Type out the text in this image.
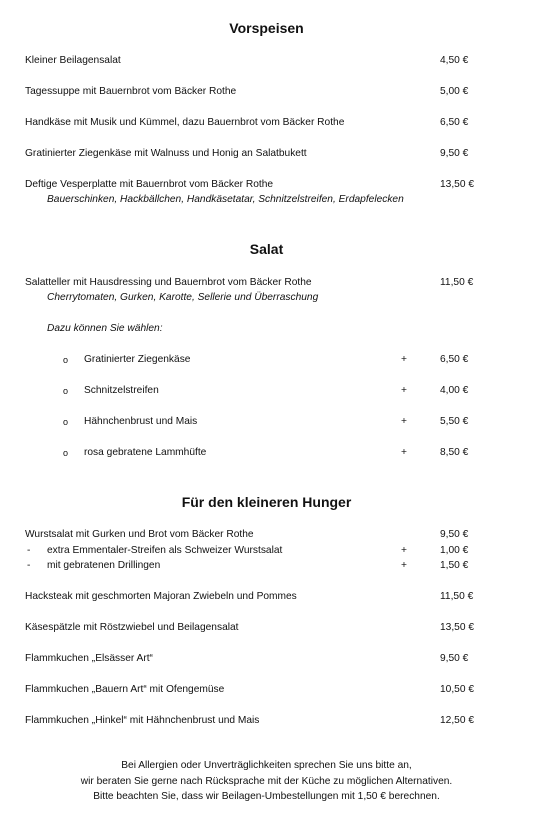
Vorspeisen
Kleiner Beilagensalat	4,50 €
Tagessuppe mit Bauernbrot vom Bäcker Rothe	5,00 €
Handkäse mit Musik und Kümmel, dazu Bauernbrot vom Bäcker Rothe	6,50 €
Gratinierter Ziegenkäse mit Walnuss und Honig an Salatbukett	9,50 €
Deftige Vesperplatte mit Bauernbrot vom Bäcker Rothe	13,50 €
Bauerschinken, Hackbällchen, Handkäsetatar, Schnitzelstreifen, Erdapfelecken
Salat
Salatteller mit Hausdressing und Bauernbrot vom Bäcker Rothe	11,50 €
Cherrytomaten, Gurken, Karotte, Sellerie und Überraschung
Dazu können Sie wählen:
o Gratinierter Ziegenkäse	+	6,50 €
o Schnitzelstreifen	+	4,00 €
o Hähnchenbrust und Mais	+	5,50 €
o rosa gebratene Lammhüfte	+	8,50 €
Für den kleineren Hunger
Wurstsalat mit Gurken und Brot vom Bäcker Rothe	9,50 €
- extra Emmentaler-Streifen als Schweizer Wurstsalat	+	1,00 €
- mit gebratenen Drillingen	+	1,50 €
Hacksteak mit geschmorten Majoran Zwiebeln und Pommes	11,50 €
Käsespätzle mit Röstzwiebel und Beilagensalat	13,50 €
Flammkuchen „Elsässer Art“	9,50 €
Flammkuchen „Bauern Art“ mit Ofengemüse	10,50 €
Flammkuchen „Hinkel“ mit Hähnchenbrust und Mais	12,50 €
Bei Allergien oder Unverträglichkeiten sprechen Sie uns bitte an,
wir beraten Sie gerne nach Rücksprache mit der Küche zu möglichen Alternativen.
Bitte beachten Sie, dass wir Beilagen-Umbestellungen mit 1,50 € berechnen.
